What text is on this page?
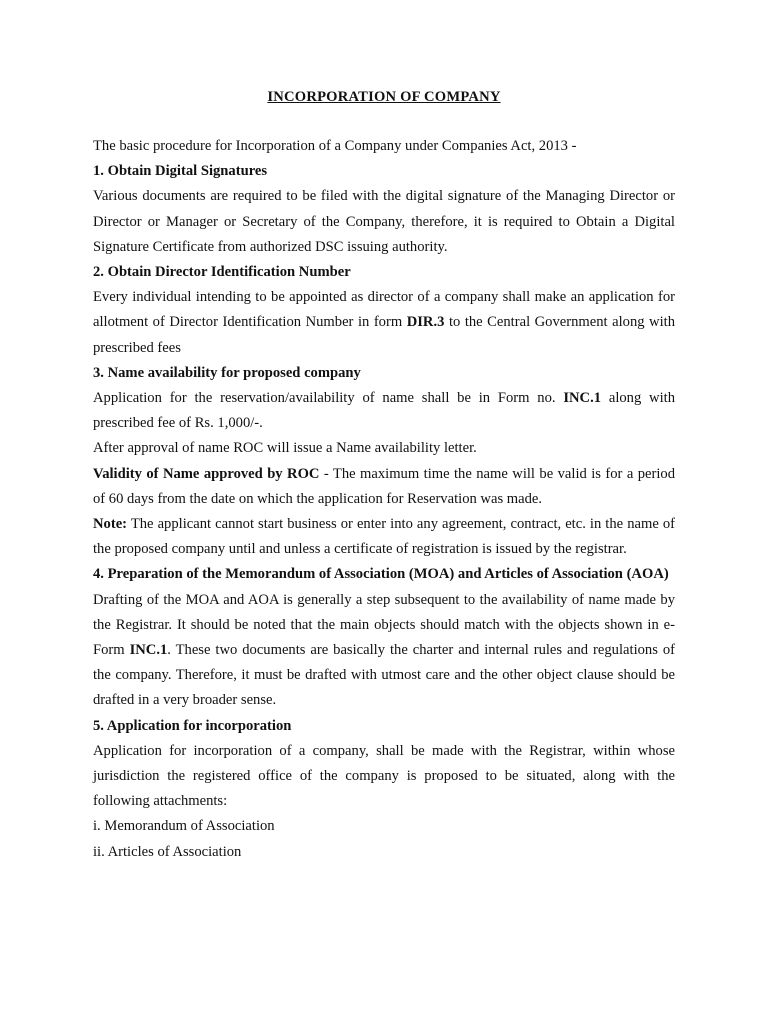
INCORPORATION OF COMPANY

The basic procedure for Incorporation of a Company under Companies Act, 2013 -

1. Obtain Digital Signatures

Various documents are required to be filed with the digital signature of the Managing Director or Director or Manager or Secretary of the Company, therefore, it is required to Obtain a Digital Signature Certificate from authorized DSC issuing authority.

2. Obtain Director Identification Number

Every individual intending to be appointed as director of a company shall make an application for allotment of Director Identification Number in form DIR.3 to the Central Government along with prescribed fees

3. Name availability for proposed company

Application for the reservation/availability of name shall be in Form no. INC.1 along with prescribed fee of Rs. 1,000/-.

After approval of name ROC will issue a Name availability letter.

Validity of Name approved by ROC - The maximum time the name will be valid is for a period of 60 days from the date on which the application for Reservation was made.

Note: The applicant cannot start business or enter into any agreement, contract, etc. in the name of the proposed company until and unless a certificate of registration is issued by the registrar.

4. Preparation of the Memorandum of Association (MOA) and Articles of Association (AOA)

Drafting of the MOA and AOA is generally a step subsequent to the availability of name made by the Registrar. It should be noted that the main objects should match with the objects shown in e-Form INC.1. These two documents are basically the charter and internal rules and regulations of the company. Therefore, it must be drafted with utmost care and the other object clause should be drafted in a very broader sense.

5. Application for incorporation

Application for incorporation of a company, shall be made with the Registrar, within whose jurisdiction the registered office of the company is proposed to be situated, along with the following attachments:

i. Memorandum of Association

ii. Articles of Association
